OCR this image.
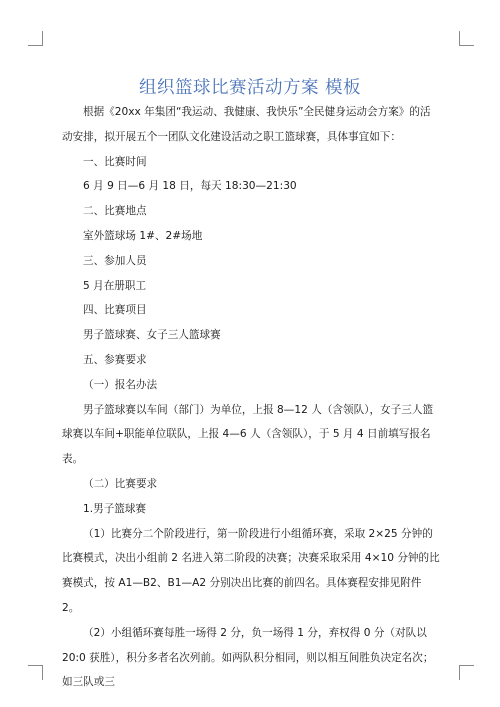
组织篮球比赛活动方案 模板

根据《20xx 年集团“我运动、我健康、我快乐”全民健身运动会方案》的活动安排，拟开展五个一团队文化建设活动之职工篮球赛，具体事宜如下：

一、比赛时间

6 月 9 日—6 月 18 日，每天 18:30—21:30

二、比赛地点

室外篮球场 1#、2#场地

三、参加人员

5 月在册职工

四、比赛项目

男子篮球赛、女子三人篮球赛

五、参赛要求

（一）报名办法

男子篮球赛以车间（部门）为单位，上报 8—12 人（含领队），女子三人篮球赛以车间+职能单位联队，上报 4—6 人（含领队），于 5 月 4 日前填写报名表。

（二）比赛要求

1.男子篮球赛

（1）比赛分二个阶段进行，第一阶段进行小组循环赛，采取 2×25 分钟的比赛模式，决出小组前 2 名进入第二阶段的决赛；决赛采取采用 4×10 分钟的比赛模式，按 A1—B2、B1—A2 分别决出比赛的前四名。具体赛程安排见附件 2。

（2）小组循环赛每胜一场得 2 分，负一场得 1 分，弃权得 0 分（对队以 20:0 获胜），积分多者名次列前。如两队积分相同，则以相互间胜负决定名次；如三队或三
